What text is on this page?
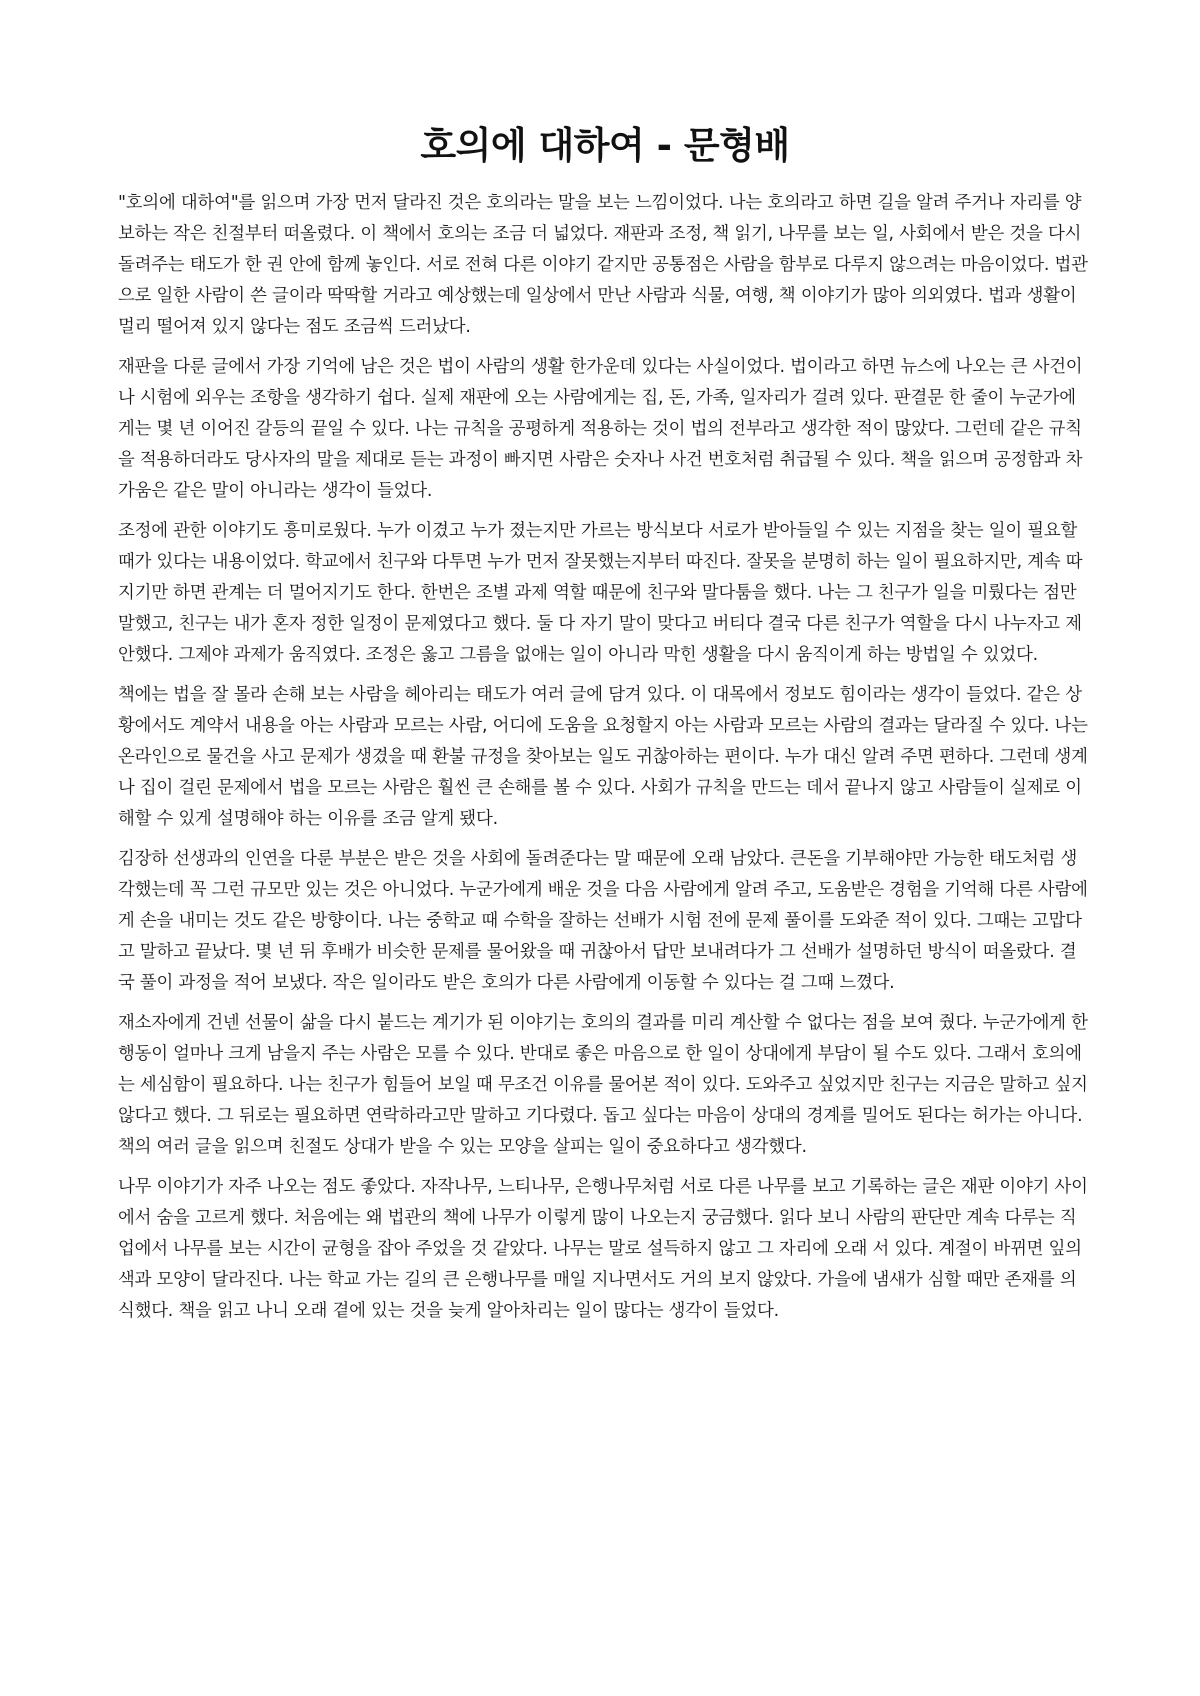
호의에 대하여 - 문형배

"호의에 대하여"를 읽으며 가장 먼저 달라진 것은 호의라는 말을 보는 느낌이었다. 나는 호의라고 하면 길을 알려 주거나 자리를 양보하는 작은 친절부터 떠올렸다. 이 책에서 호의는 조금 더 넓었다. 재판과 조정, 책 읽기, 나무를 보는 일, 사회에서 받은 것을 다시 돌려주는 태도가 한 권 안에 함께 놓인다. 서로 전혀 다른 이야기 같지만 공통점은 사람을 함부로 다루지 않으려는 마음이었다. 법관으로 일한 사람이 쓴 글이라 딱딱할 거라고 예상했는데 일상에서 만난 사람과 식물, 여행, 책 이야기가 많아 의외였다. 법과 생활이 멀리 떨어져 있지 않다는 점도 조금씩 드러났다.

재판을 다룬 글에서 가장 기억에 남은 것은 법이 사람의 생활 한가운데 있다는 사실이었다. 법이라고 하면 뉴스에 나오는 큰 사건이나 시험에 외우는 조항을 생각하기 쉽다. 실제 재판에 오는 사람에게는 집, 돈, 가족, 일자리가 걸려 있다. 판결문 한 줄이 누군가에게는 몇 년 이어진 갈등의 끝일 수 있다. 나는 규칙을 공평하게 적용하는 것이 법의 전부라고 생각한 적이 많았다. 그런데 같은 규칙을 적용하더라도 당사자의 말을 제대로 듣는 과정이 빠지면 사람은 숫자나 사건 번호처럼 취급될 수 있다. 책을 읽으며 공정함과 차가움은 같은 말이 아니라는 생각이 들었다.

조정에 관한 이야기도 흥미로웠다. 누가 이겼고 누가 졌는지만 가르는 방식보다 서로가 받아들일 수 있는 지점을 찾는 일이 필요할 때가 있다는 내용이었다. 학교에서 친구와 다투면 누가 먼저 잘못했는지부터 따진다. 잘못을 분명히 하는 일이 필요하지만, 계속 따지기만 하면 관계는 더 멀어지기도 한다. 한번은 조별 과제 역할 때문에 친구와 말다툼을 했다. 나는 그 친구가 일을 미뤘다는 점만 말했고, 친구는 내가 혼자 정한 일정이 문제였다고 했다. 둘 다 자기 말이 맞다고 버티다 결국 다른 친구가 역할을 다시 나누자고 제안했다. 그제야 과제가 움직였다. 조정은 옳고 그름을 없애는 일이 아니라 막힌 생활을 다시 움직이게 하는 방법일 수 있었다.

책에는 법을 잘 몰라 손해 보는 사람을 헤아리는 태도가 여러 글에 담겨 있다. 이 대목에서 정보도 힘이라는 생각이 들었다. 같은 상황에서도 계약서 내용을 아는 사람과 모르는 사람, 어디에 도움을 요청할지 아는 사람과 모르는 사람의 결과는 달라질 수 있다. 나는 온라인으로 물건을 사고 문제가 생겼을 때 환불 규정을 찾아보는 일도 귀찮아하는 편이다. 누가 대신 알려 주면 편하다. 그런데 생계나 집이 걸린 문제에서 법을 모르는 사람은 훨씬 큰 손해를 볼 수 있다. 사회가 규칙을 만드는 데서 끝나지 않고 사람들이 실제로 이해할 수 있게 설명해야 하는 이유를 조금 알게 됐다.

김장하 선생과의 인연을 다룬 부분은 받은 것을 사회에 돌려준다는 말 때문에 오래 남았다. 큰돈을 기부해야만 가능한 태도처럼 생각했는데 꼭 그런 규모만 있는 것은 아니었다. 누군가에게 배운 것을 다음 사람에게 알려 주고, 도움받은 경험을 기억해 다른 사람에게 손을 내미는 것도 같은 방향이다. 나는 중학교 때 수학을 잘하는 선배가 시험 전에 문제 풀이를 도와준 적이 있다. 그때는 고맙다고 말하고 끝났다. 몇 년 뒤 후배가 비슷한 문제를 물어왔을 때 귀찮아서 답만 보내려다가 그 선배가 설명하던 방식이 떠올랐다. 결국 풀이 과정을 적어 보냈다. 작은 일이라도 받은 호의가 다른 사람에게 이동할 수 있다는 걸 그때 느꼈다.

재소자에게 건넨 선물이 삶을 다시 붙드는 계기가 된 이야기는 호의의 결과를 미리 계산할 수 없다는 점을 보여 줬다. 누군가에게 한 행동이 얼마나 크게 남을지 주는 사람은 모를 수 있다. 반대로 좋은 마음으로 한 일이 상대에게 부담이 될 수도 있다. 그래서 호의에는 세심함이 필요하다. 나는 친구가 힘들어 보일 때 무조건 이유를 물어본 적이 있다. 도와주고 싶었지만 친구는 지금은 말하고 싶지 않다고 했다. 그 뒤로는 필요하면 연락하라고만 말하고 기다렸다. 돕고 싶다는 마음이 상대의 경계를 밀어도 된다는 허가는 아니다. 책의 여러 글을 읽으며 친절도 상대가 받을 수 있는 모양을 살피는 일이 중요하다고 생각했다.

나무 이야기가 자주 나오는 점도 좋았다. 자작나무, 느티나무, 은행나무처럼 서로 다른 나무를 보고 기록하는 글은 재판 이야기 사이에서 숨을 고르게 했다. 처음에는 왜 법관의 책에 나무가 이렇게 많이 나오는지 궁금했다. 읽다 보니 사람의 판단만 계속 다루는 직업에서 나무를 보는 시간이 균형을 잡아 주었을 것 같았다. 나무는 말로 설득하지 않고 그 자리에 오래 서 있다. 계절이 바뀌면 잎의 색과 모양이 달라진다. 나는 학교 가는 길의 큰 은행나무를 매일 지나면서도 거의 보지 않았다. 가을에 냄새가 심할 때만 존재를 의식했다. 책을 읽고 나니 오래 곁에 있는 것을 늦게 알아차리는 일이 많다는 생각이 들었다.
